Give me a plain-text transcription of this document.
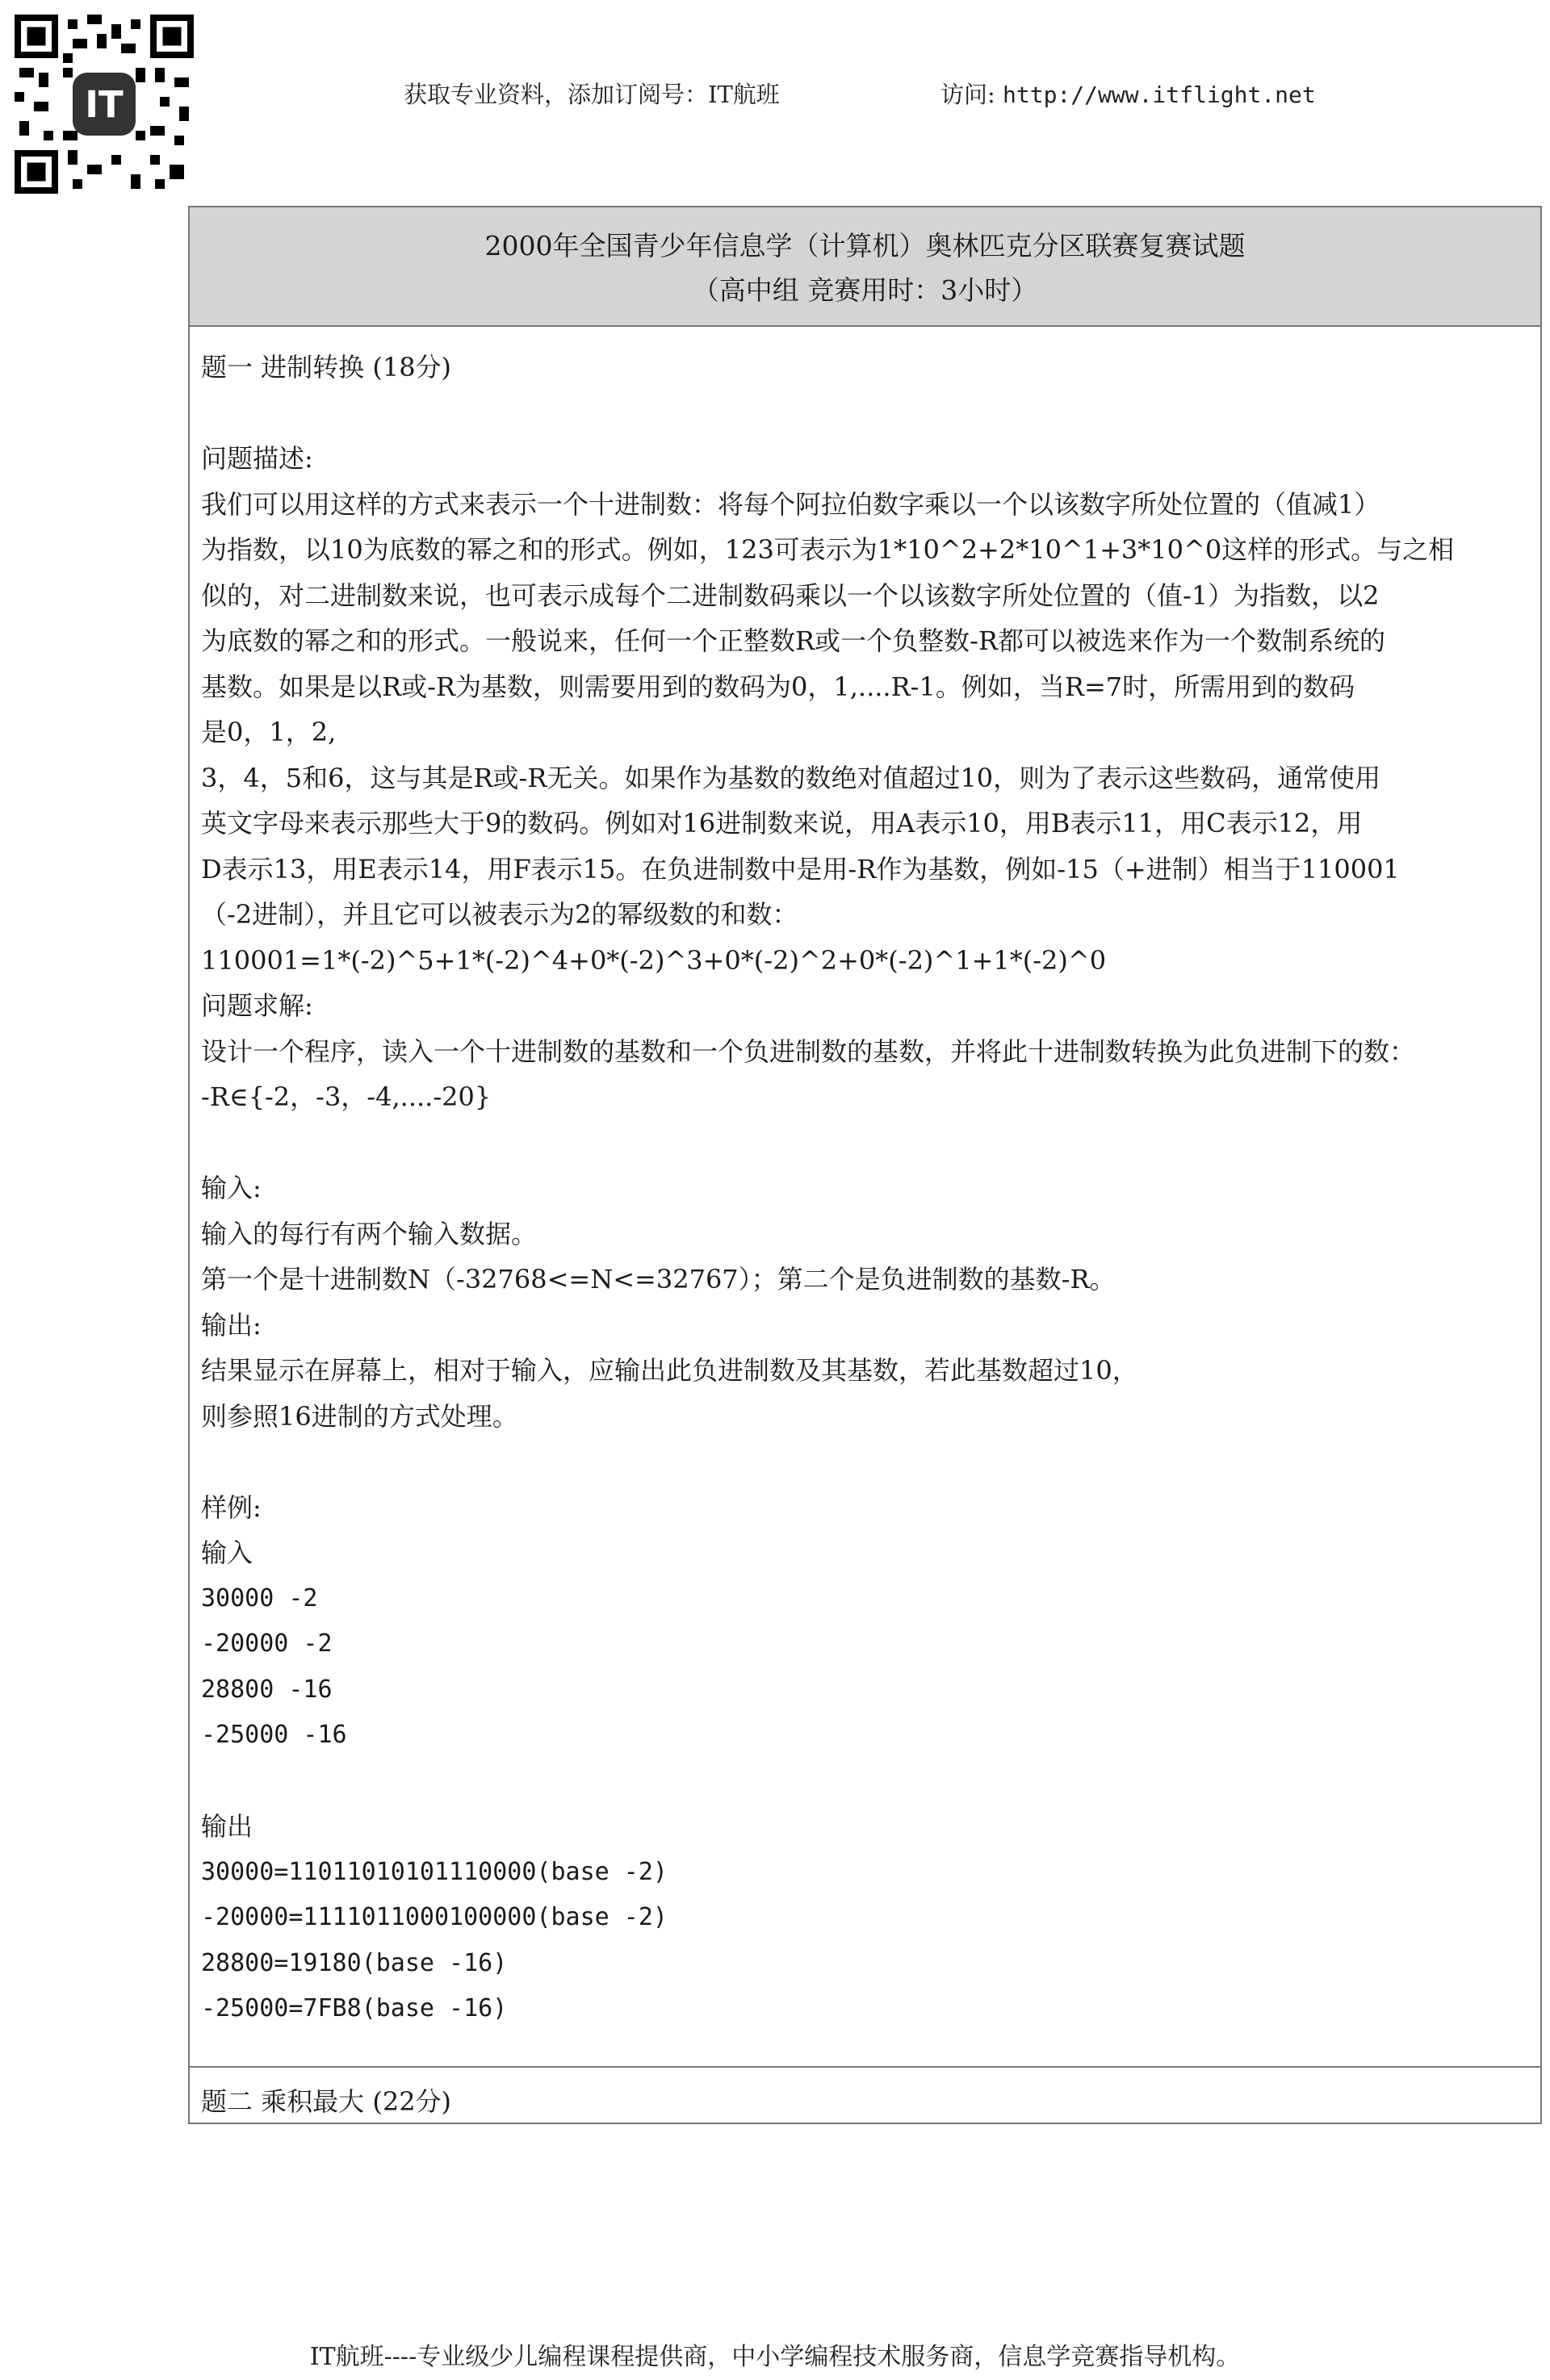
IT	获取专业资料，添加订阅号：IT航班	访问: http://www.itflight.net
2000年全国青少年信息学（计算机）奥林匹克分区联赛复赛试题
（高中组 竞赛用时：3小时）

题一 进制转换 (18分)

问题描述:

我们可以用这样的方式来表示一个十进制数：将每个阿拉伯数字乘以一个以该数字所处位置的（值减1）

为指数，以10为底数的幂之和的形式。例如，123可表示为1*10^2+2*10^1+3*10^0这样的形式。与之相

似的，对二进制数来说，也可表示成每个二进制数码乘以一个以该数字所处位置的（值-1）为指数，以2

为底数的幂之和的形式。一般说来，任何一个正整数R或一个负整数-R都可以被选来作为一个数制系统的

基数。如果是以R或-R为基数，则需要用到的数码为0，1,....R-1。例如，当R=7时，所需用到的数码

是0，1，2,

3，4，5和6，这与其是R或-R无关。如果作为基数的数绝对值超过10，则为了表示这些数码，通常使用

英文字母来表示那些大于9的数码。例如对16进制数来说，用A表示10，用B表示11，用C表示12，用

D表示13，用E表示14，用F表示15。在负进制数中是用-R作为基数，例如-15（+进制）相当于110001

（-2进制），并且它可以被表示为2的幂级数的和数：

110001=1*(-2)^5+1*(-2)^4+0*(-2)^3+0*(-2)^2+0*(-2)^1+1*(-2)^0

问题求解:

设计一个程序，读入一个十进制数的基数和一个负进制数的基数，并将此十进制数转换为此负进制下的数：

-R∈{-2，-3，-4,....-20}

输入:

输入的每行有两个输入数据。

第一个是十进制数N（-32768<=N<=32767）；第二个是负进制数的基数-R。

输出:

结果显示在屏幕上，相对于输入，应输出此负进制数及其基数，若此基数超过10，

则参照16进制的方式处理。

样例:

输入

30000 -2

-20000 -2

28800 -16

-25000 -16

输出

30000=11011010101110000(base -2)

-20000=1111011000100000(base -2)

28800=19180(base -16)

-25000=7FB8(base -16)

题二 乘积最大 (22分)

IT航班----专业级少儿编程课程提供商，中小学编程技术服务商，信息学竞赛指导机构。
